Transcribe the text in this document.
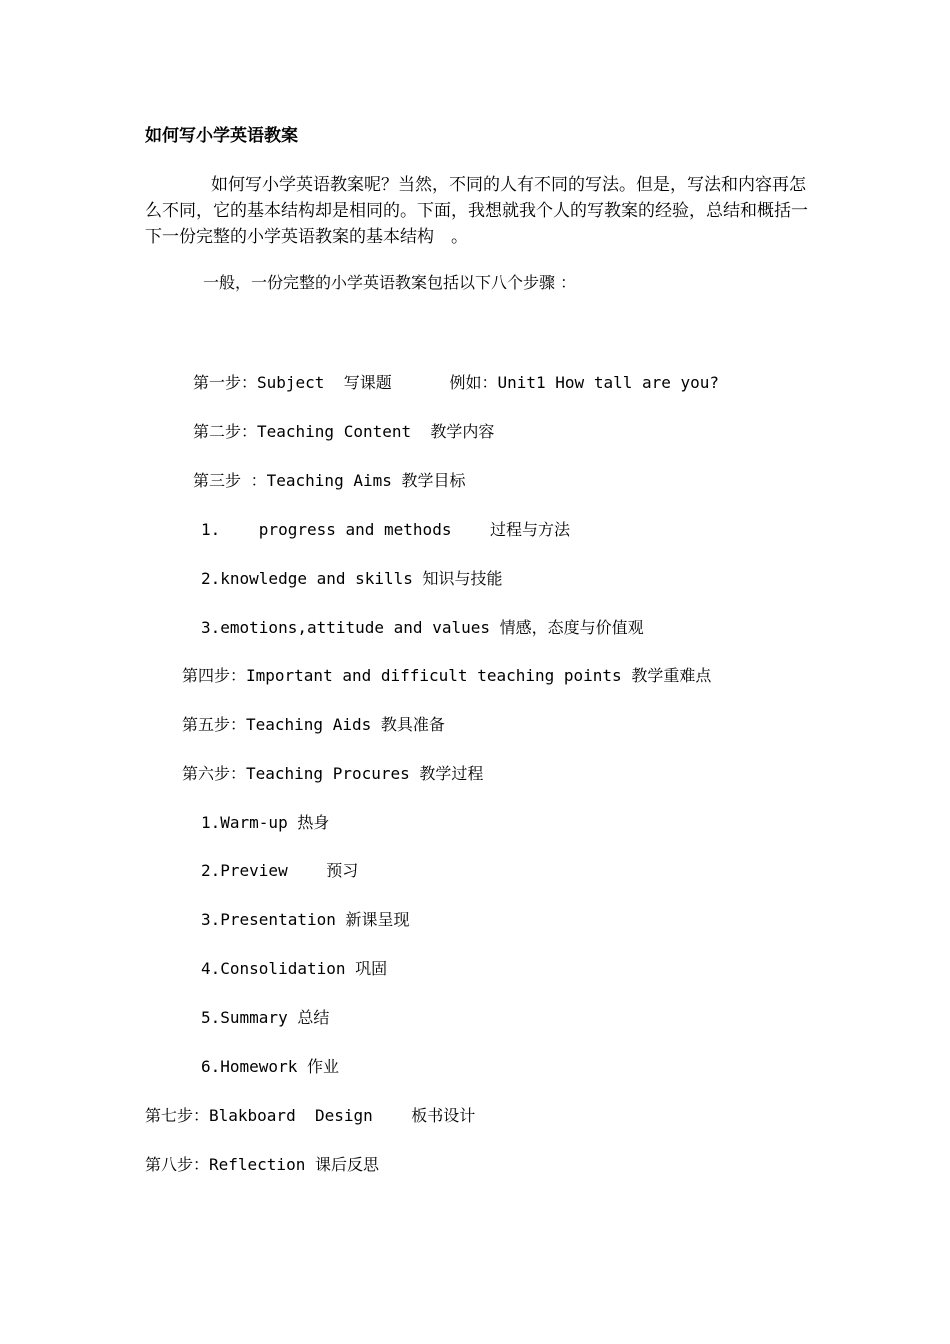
如何写小学英语教案
如何写小学英语教案呢？当然，不同的人有不同的写法。但是，写法和内容再怎么不同，它的基本结构却是相同的。下面，我想就我个人的写教案的经验，总结和概括一下一份完整的小学英语教案的基本结构　。
一般，一份完整的小学英语教案包括以下八个步骤 ：
第一步：Subject  写课题      例如：Unit1 How tall are you?
第二步：Teaching Content  教学内容
第三步 ：Teaching Aims 教学目标
1.    progress and methods    过程与方法
2.knowledge and skills 知识与技能
3.emotions,attitude and values 情感，态度与价值观
第四步：Important and difficult teaching points 教学重难点
第五步：Teaching Aids 教具准备
第六步：Teaching Procures 教学过程
1.Warm-up 热身
2.Preview    预习
3.Presentation 新课呈现
4.Consolidation 巩固
5.Summary 总结
6.Homework 作业
第七步：Blakboard  Design    板书设计
第八步：Reflection 课后反思
